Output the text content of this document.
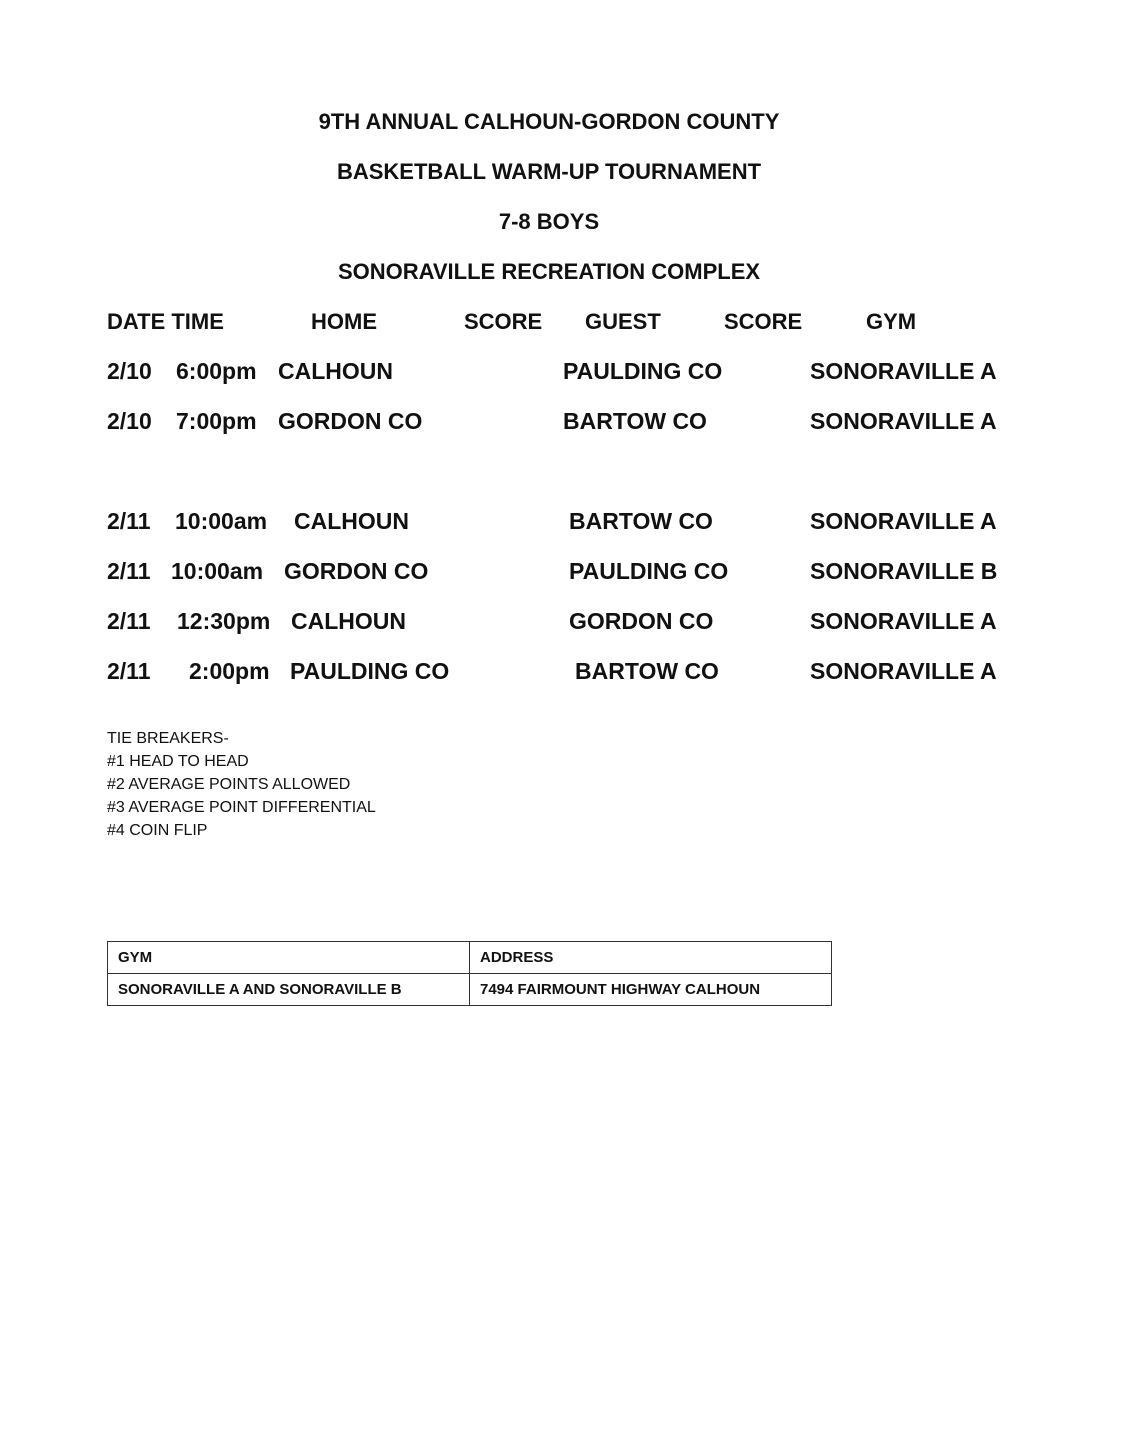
9TH ANNUAL CALHOUN-GORDON COUNTY
BASKETBALL WARM-UP TOURNAMENT
7-8 BOYS
SONORAVILLE RECREATION COMPLEX
DATE TIME	HOME	SCORE GUEST	SCORE	GYM
2/10 6:00pm CALHOUN	PAULDING CO	SONORAVILLE A
2/10 7:00pm GORDON CO	BARTOW CO	SONORAVILLE A
2/11 10:00am CALHOUN	BARTOW CO	SONORAVILLE A
2/11 10:00am GORDON CO	PAULDING CO	SONORAVILLE B
2/11 12:30pm CALHOUN	GORDON CO	SONORAVILLE A
2/11 2:00pm PAULDING CO	BARTOW CO	SONORAVILLE A
TIE BREAKERS-
#1 HEAD TO HEAD
#2 AVERAGE POINTS ALLOWED
#3 AVERAGE POINT DIFFERENTIAL
#4 COIN FLIP
GYM	ADDRESS
SONORAVILLE A AND SONORAVILLE B	7494 FAIRMOUNT HIGHWAY CALHOUN
